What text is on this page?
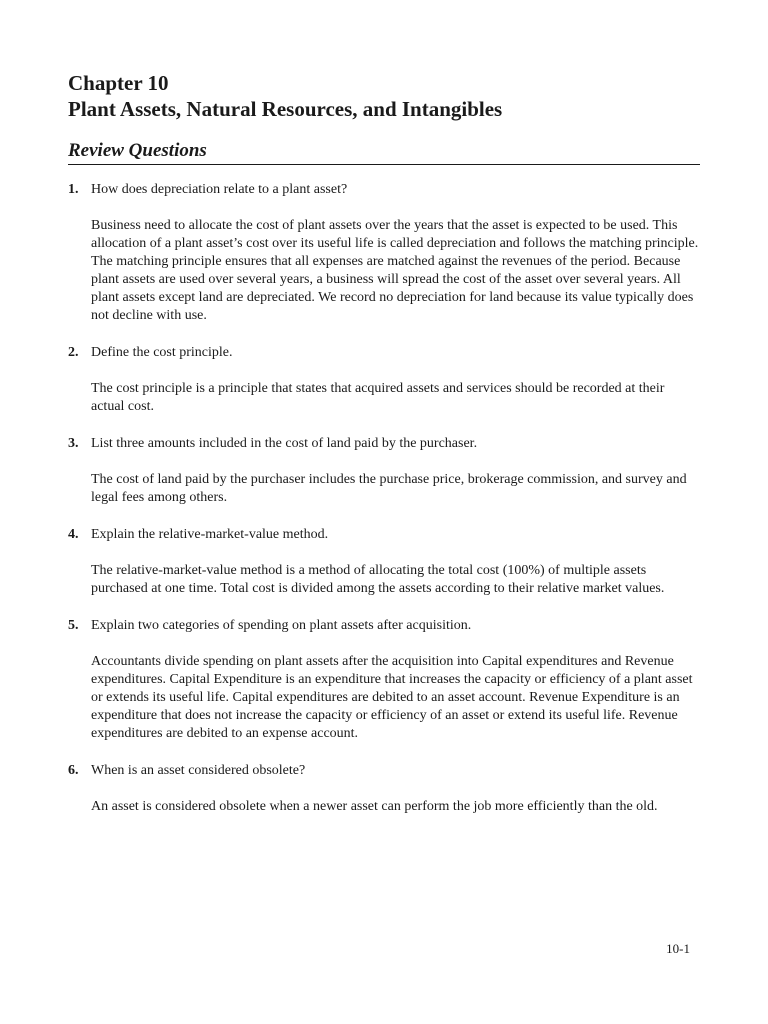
Chapter 10
Plant Assets, Natural Resources, and Intangibles
Review Questions
1. How does depreciation relate to a plant asset?
Business need to allocate the cost of plant assets over the years that the asset is expected to be used. This allocation of a plant asset’s cost over its useful life is called depreciation and follows the matching principle. The matching principle ensures that all expenses are matched against the revenues of the period. Because plant assets are used over several years, a business will spread the cost of the asset over several years. All plant assets except land are depreciated. We record no depreciation for land because its value typically does not decline with use.
2. Define the cost principle.
The cost principle is a principle that states that acquired assets and services should be recorded at their actual cost.
3. List three amounts included in the cost of land paid by the purchaser.
The cost of land paid by the purchaser includes the purchase price, brokerage commission, and survey and legal fees among others.
4. Explain the relative-market-value method.
The relative-market-value method is a method of allocating the total cost (100%) of multiple assets purchased at one time. Total cost is divided among the assets according to their relative market values.
5. Explain two categories of spending on plant assets after acquisition.
Accountants divide spending on plant assets after the acquisition into Capital expenditures and Revenue expenditures. Capital Expenditure is an expenditure that increases the capacity or efficiency of a plant asset or extends its useful life. Capital expenditures are debited to an asset account. Revenue Expenditure is an expenditure that does not increase the capacity or efficiency of an asset or extend its useful life. Revenue expenditures are debited to an expense account.
6. When is an asset considered obsolete?
An asset is considered obsolete when a newer asset can perform the job more efficiently than the old.
10-1
